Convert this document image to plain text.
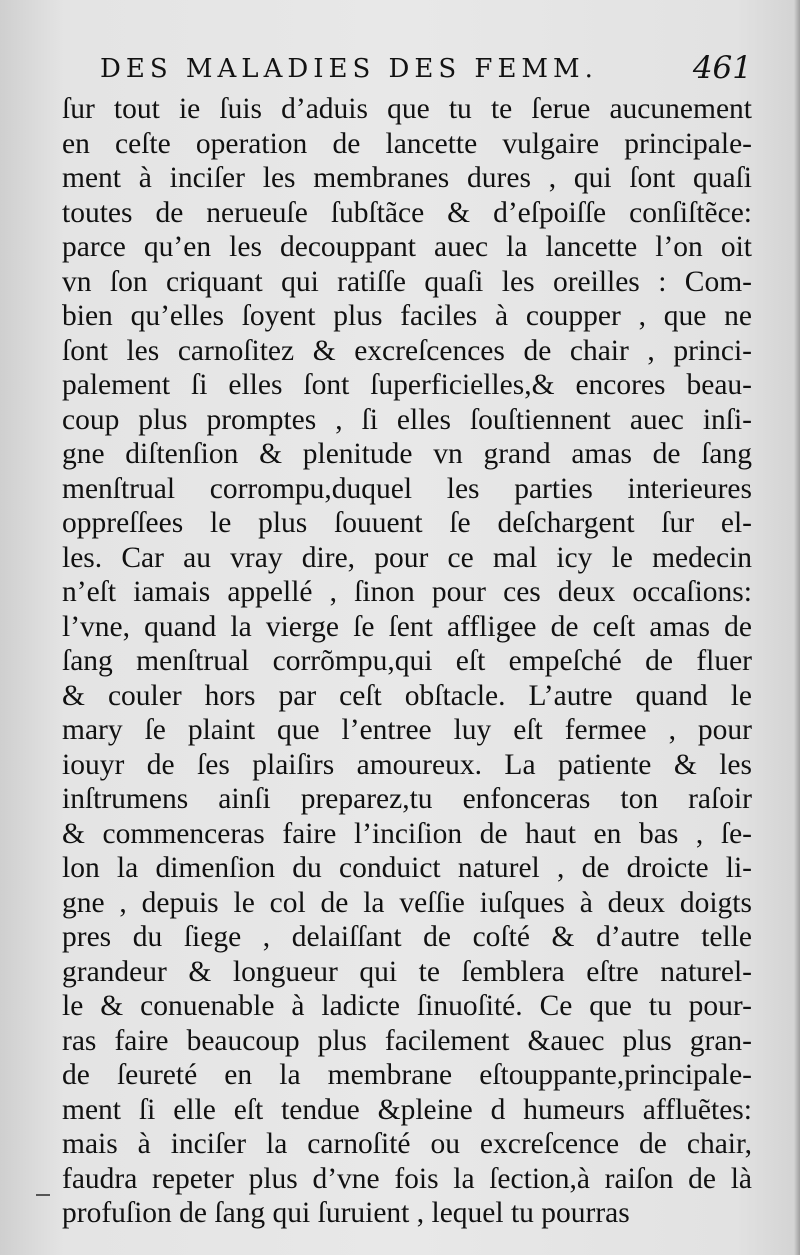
DES MALADIES DES FEMM.	461
ſur tout ie ſuis d’aduis que tu te ſerue aucunement
en ceſte operation de lancette vulgaire principale-
ment à inciſer les membranes dures , qui ſont quaſi
toutes de nerueuſe ſubſtãce & d’eſpoiſſe conſiſtẽce:
parce qu’en les decouppant auec la lancette l’on oit
vn ſon criquant qui ratiſſe quaſi les oreilles : Com-
bien qu’elles ſoyent plus faciles à coupper , que ne
ſont les carnoſitez & excreſcences de chair , princi-
palement ſi elles ſont ſuperficielles,& encores beau-
coup plus promptes , ſi elles ſouſtiennent auec inſi-
gne diſtenſion & plenitude vn grand amas de ſang
menſtrual corrompu,duquel les parties interieures
oppreſſees le plus ſouuent ſe deſchargent ſur el-
les. Car au vray dire, pour ce mal icy le medecin
n’eſt iamais appellé , ſinon pour ces deux occaſions:
l’vne, quand la vierge ſe ſent affligee de ceſt amas de
ſang menſtrual corrõmpu,qui eſt empeſché de fluer
& couler hors par ceſt obſtacle. L’autre quand le
mary ſe plaint que l’entree luy eſt fermee , pour
iouyr de ſes plaiſirs amoureux. La patiente & les
inſtrumens ainſi preparez,tu enfonceras ton raſoir
& commenceras faire l’inciſion de haut en bas , ſe-
lon la dimenſion du conduict naturel , de droicte li-
gne , depuis le col de la veſſie iuſques à deux doigts
pres du ſiege , delaiſſant de coſté & d’autre telle
grandeur & longueur qui te ſemblera eſtre naturel-
le & conuenable à ladicte ſinuoſité. Ce que tu pour-
ras faire beaucoup plus facilement &auec plus gran-
de ſeureté en la membrane eſtouppante,principale-
ment ſi elle eſt tendue &pleine d humeurs affluẽtes:
mais à inciſer la carnoſité ou excreſcence de chair,
faudra repeter plus d’vne fois la ſection,à raiſon de là
profuſion de ſang qui ſuruient , lequel tu pourras
